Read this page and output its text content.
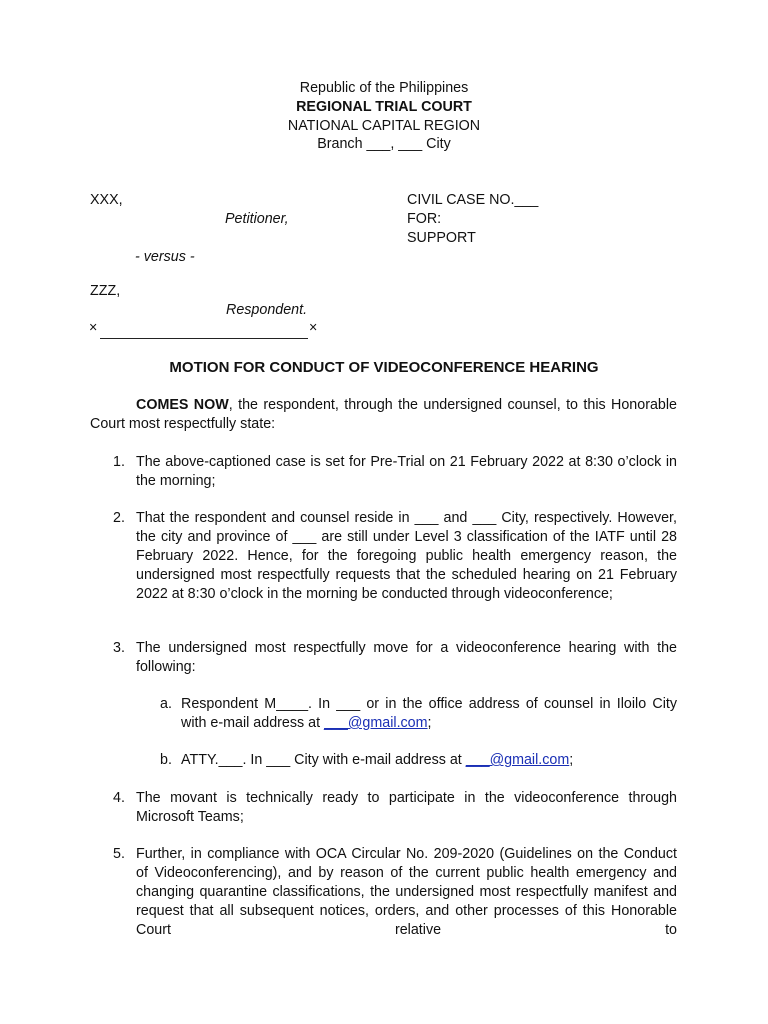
Republic of the Philippines
REGIONAL TRIAL COURT
NATIONAL CAPITAL REGION
Branch ___, ___ City
XXX,
Petitioner,
- versus -
ZZZ,
Respondent.
×	×
CIVIL CASE NO.___
FOR:
SUPPORT
MOTION FOR CONDUCT OF VIDEOCONFERENCE HEARING
COMES NOW, the respondent, through the undersigned counsel, to this Honorable Court most respectfully state:
1. The above-captioned case is set for Pre-Trial on 21 February 2022 at 8:30 o’clock in the morning;
2. That the respondent and counsel reside in ___ and ___ City, respectively. However, the city and province of ___ are still under Level 3 classification of the IATF until 28 February 2022. Hence, for the foregoing public health emergency reason, the undersigned most respectfully requests that the scheduled hearing on 21 February 2022 at 8:30 o’clock in the morning be conducted through videoconference;
3. The undersigned most respectfully move for a videoconference hearing with the following:
a. Respondent M____. In ___ or in the office address of counsel in Iloilo City with e-mail address at ___@gmail.com;
b. ATTY.___. In ___ City with e-mail address at ___@gmail.com;
4. The movant is technically ready to participate in the videoconference through Microsoft Teams;
5. Further, in compliance with OCA Circular No. 209-2020 (Guidelines on the Conduct of Videoconferencing), and by reason of the current public health emergency and changing quarantine classifications, the undersigned most respectfully manifest and request that all subsequent notices, orders, and other processes of this Honorable Court relative to
